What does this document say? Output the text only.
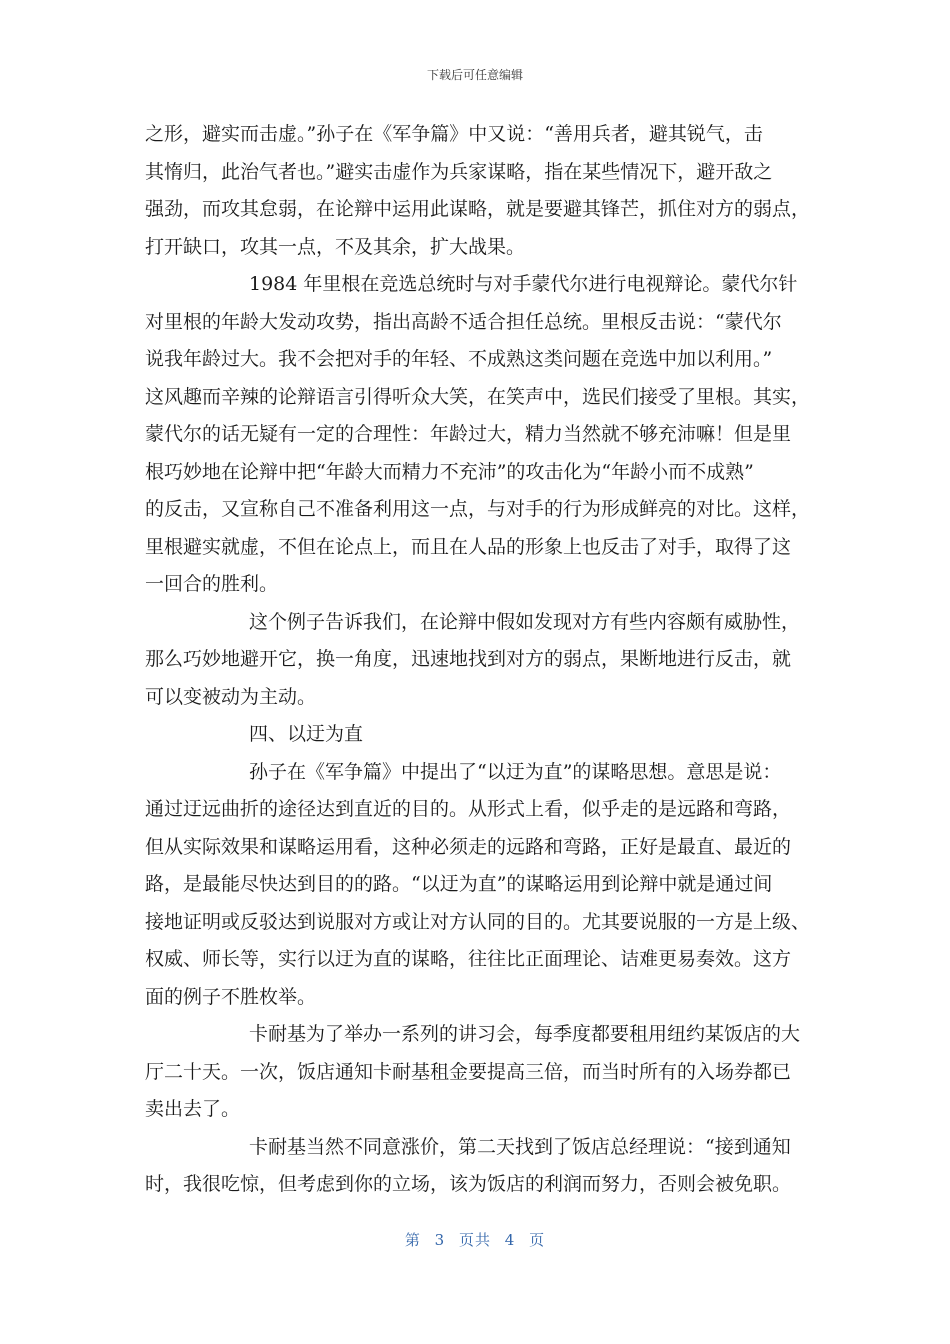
下载后可任意编辑
之形，避实而击虚。”孙子在《军争篇》中又说：“善用兵者，避其锐气，击
其惰归，此治气者也。”避实击虚作为兵家谋略，指在某些情况下，避开敌之
强劲，而攻其怠弱，在论辩中运用此谋略，就是要避其锋芒，抓住对方的弱点，
打开缺口，攻其一点，不及其余，扩大战果。
1984 年里根在竞选总统时与对手蒙代尔进行电视辩论。蒙代尔针
对里根的年龄大发动攻势，指出高龄不适合担任总统。里根反击说：“蒙代尔
说我年龄过大。我不会把对手的年轻、不成熟这类问题在竞选中加以利用。”
这风趣而辛辣的论辩语言引得听众大笑，在笑声中，选民们接受了里根。其实，
蒙代尔的话无疑有一定的合理性：年龄过大，精力当然就不够充沛嘛！但是里
根巧妙地在论辩中把“年龄大而精力不充沛”的攻击化为“年龄小而不成熟”
的反击，又宣称自己不准备利用这一点，与对手的行为形成鲜亮的对比。这样，
里根避实就虚，不但在论点上，而且在人品的形象上也反击了对手，取得了这
一回合的胜利。
这个例子告诉我们，在论辩中假如发现对方有些内容颇有威胁性，
那么巧妙地避开它，换一角度，迅速地找到对方的弱点，果断地进行反击，就
可以变被动为主动。
四、以迂为直
孙子在《军争篇》中提出了“以迂为直”的谋略思想。意思是说：
通过迂远曲折的途径达到直近的目的。从形式上看，似乎走的是远路和弯路，
但从实际效果和谋略运用看，这种必须走的远路和弯路，正好是最直、最近的
路，是最能尽快达到目的的路。“以迂为直”的谋略运用到论辩中就是通过间
接地证明或反驳达到说服对方或让对方认同的目的。尤其要说服的一方是上级、
权威、师长等，实行以迂为直的谋略，往往比正面理论、诘难更易奏效。这方
面的例子不胜枚举。
卡耐基为了举办一系列的讲习会，每季度都要租用纽约某饭店的大
厅二十天。一次，饭店通知卡耐基租金要提高三倍，而当时所有的入场券都已
卖出去了。
卡耐基当然不同意涨价，第二天找到了饭店总经理说：“接到通知
时，我很吃惊，但考虑到你的立场，该为饭店的利润而努力，否则会被免职。
第 3 页共 4 页
